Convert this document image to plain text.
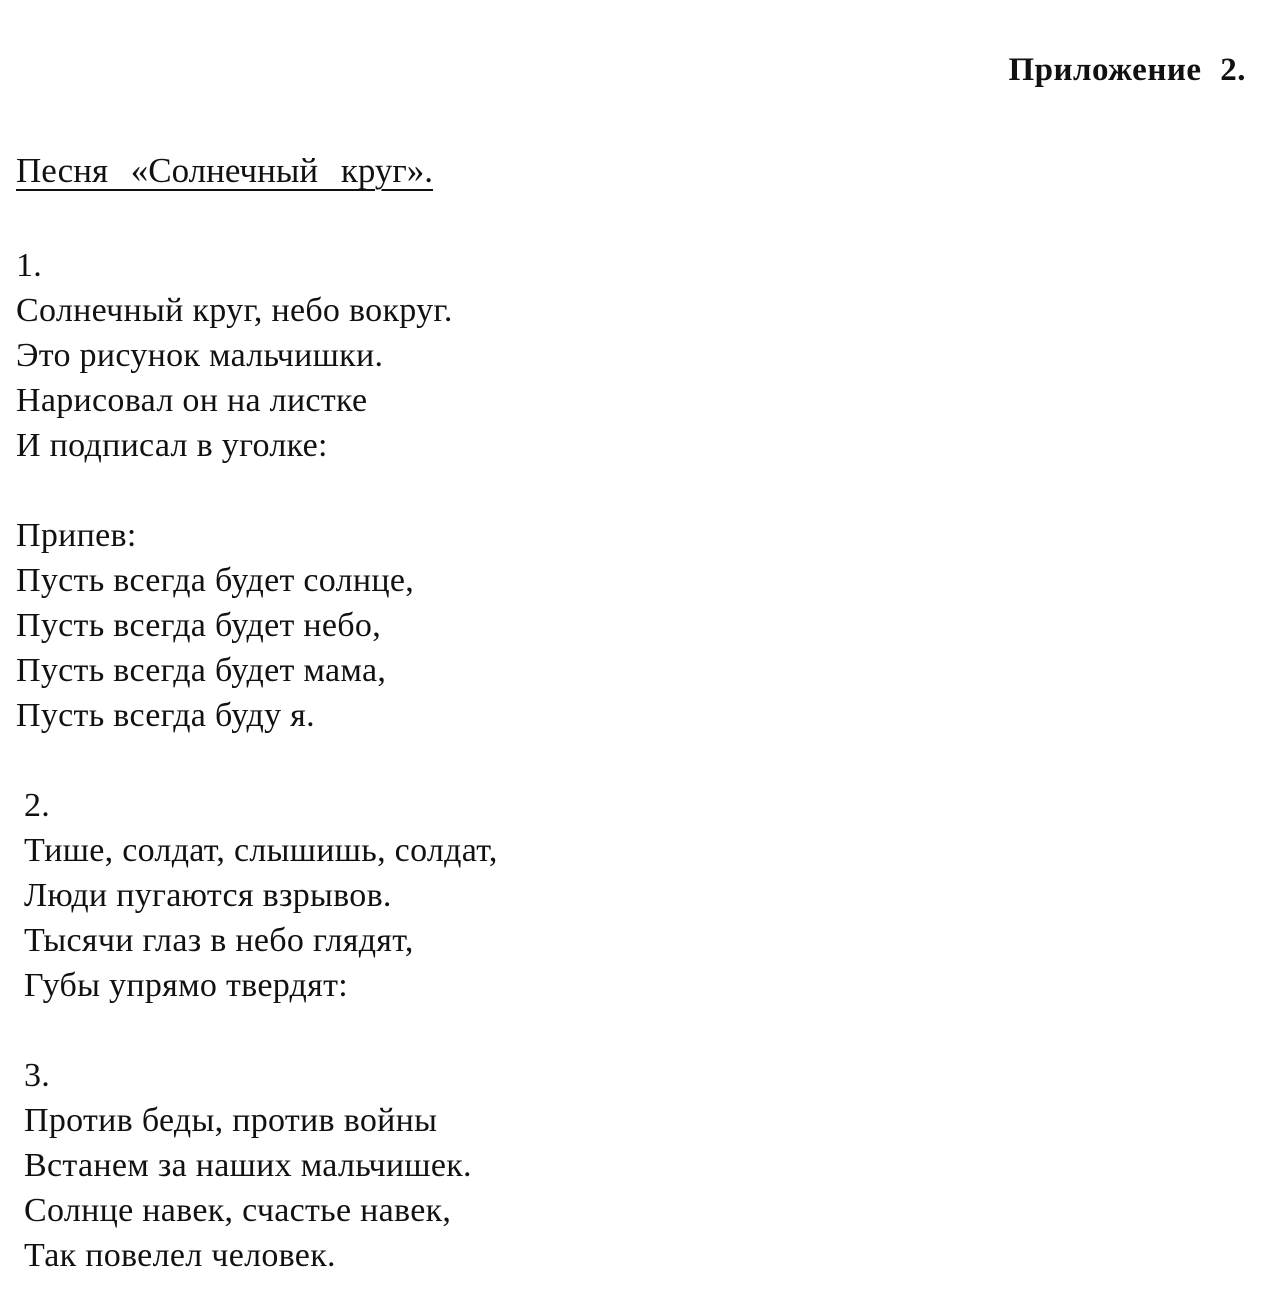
Приложение 2.
Песня «Солнечный круг».
1.
Солнечный круг, небо вокруг.
Это рисунок мальчишки.
Нарисовал он на листке
И подписал в уголке:
Припев:
Пусть всегда будет солнце,
Пусть всегда будет небо,
Пусть всегда будет мама,
Пусть всегда буду я.
2.
Тише, солдат, слышишь, солдат,
Люди пугаются взрывов.
Тысячи глаз в небо глядят,
Губы упрямо твердят:
3.
Против беды, против войны
Встанем за наших мальчишек.
Солнце навек, счастье навек,
Так повелел человек.
